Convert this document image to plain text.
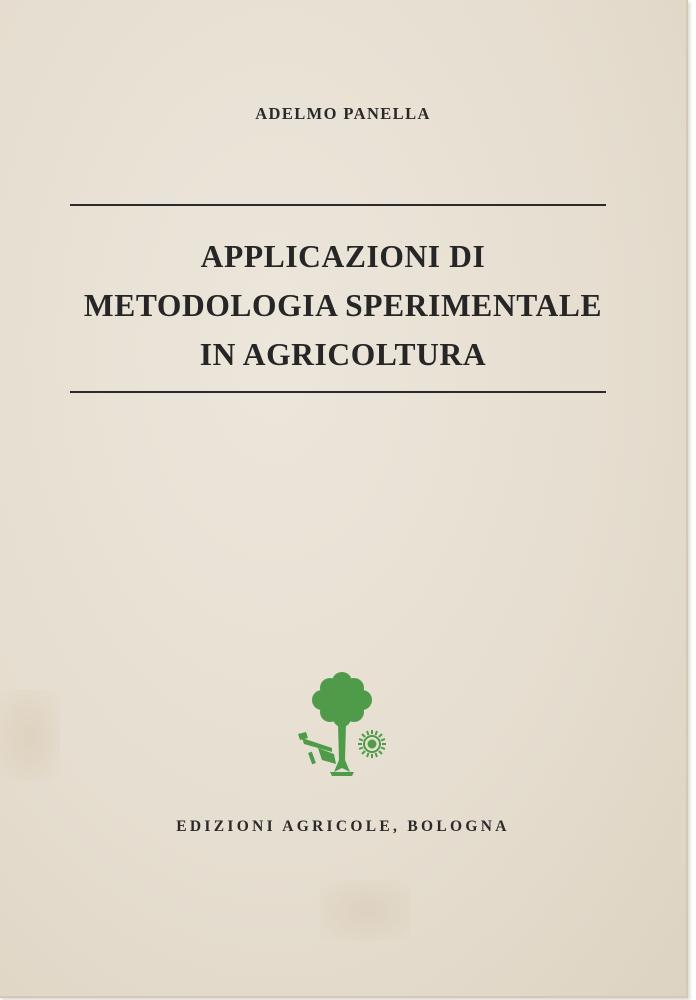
ADELMO PANELLA
APPLICAZIONI DI
METODOLOGIA SPERIMENTALE
IN AGRICOLTURA
EDIZIONI AGRICOLE, BOLOGNA
